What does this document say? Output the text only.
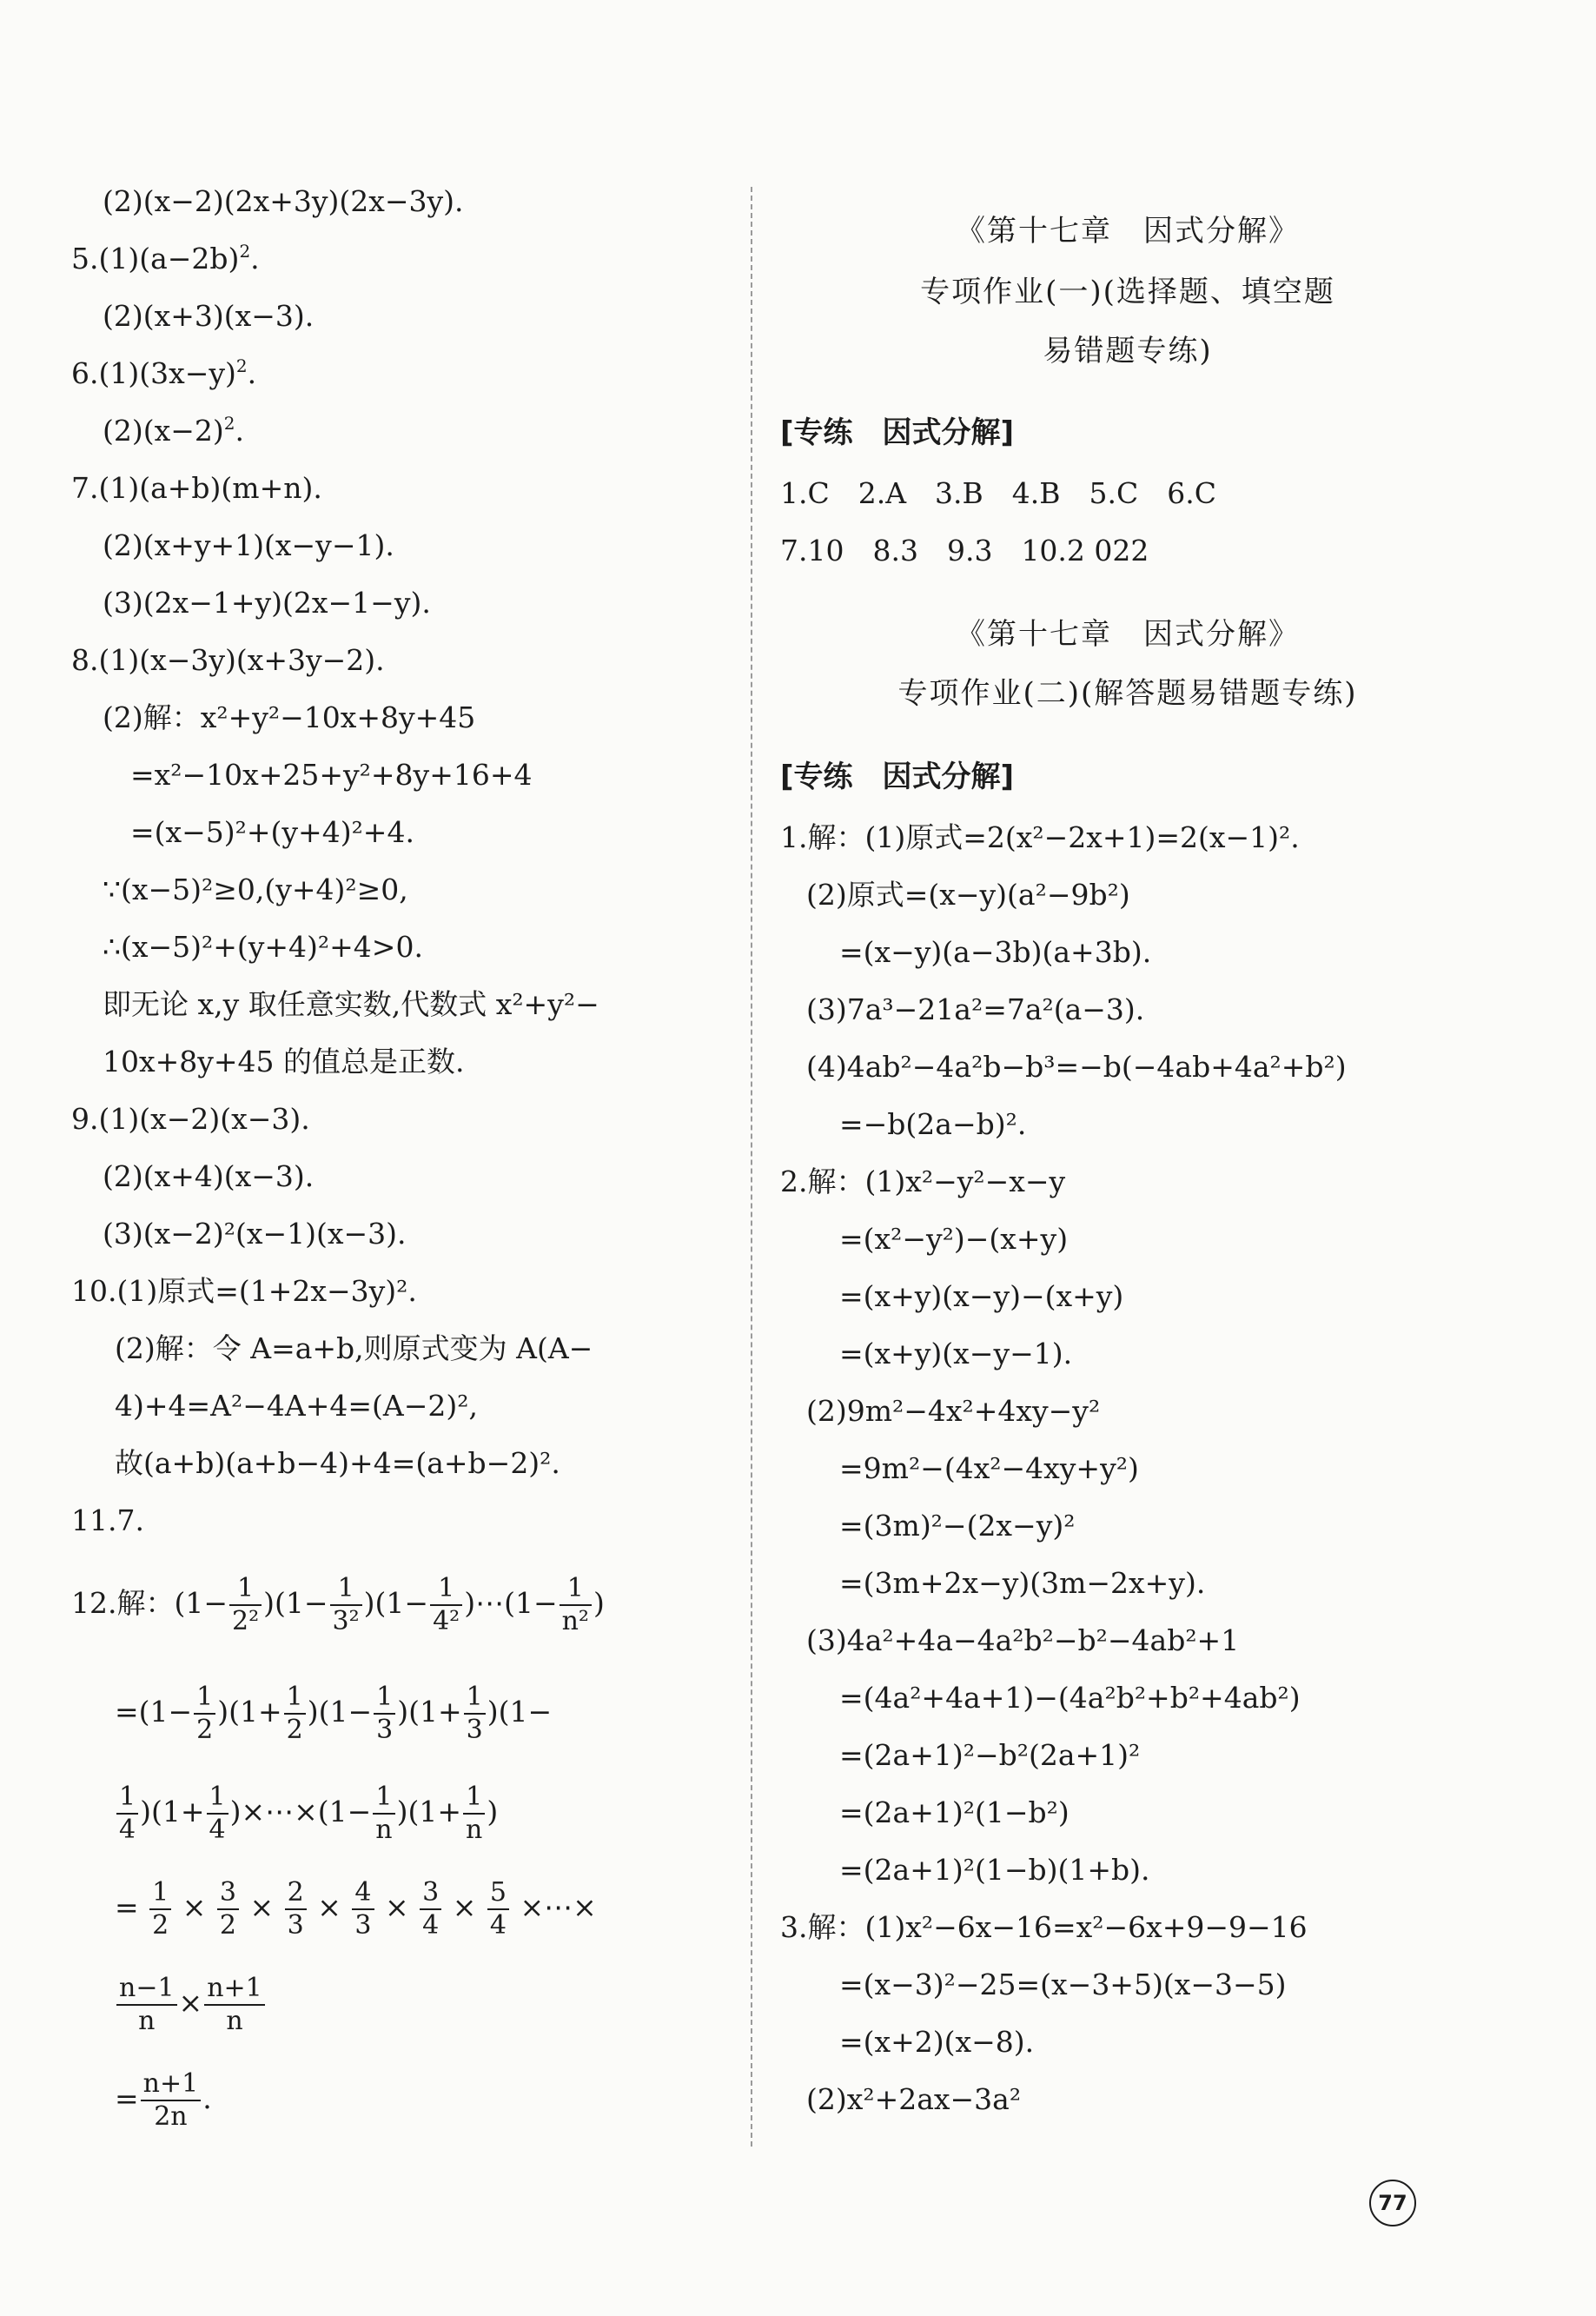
(2)(x−2)(2x+3y)(2x−3y).
$5.(1)(a-2b)^2$.
(2)(x+3)(x−3).
$6.(1)(3x-y)^2$.
$(2)(x-2)^2$.
7.(1)(a+b)(m+n).
(2)(x+y+1)(x−y−1).
(3)(2x−1+y)(2x−1−y).
8.(1)(x−3y)(x+3y−2).
(2)解：x²+y²−10x+8y+45
=x²−10x+25+y²+8y+16+4
=(x−5)²+(y+4)²+4.
∵(x−5)²≥0,(y+4)²≥0,
∴(x−5)²+(y+4)²+4>0.
即无论 x,y 取任意实数,代数式 x²+y²−
10x+8y+45 的值总是正数.
9.(1)(x−2)(x−3).
(2)(x+4)(x−3).
(3)(x−2)²(x−1)(x−3).
10.(1)原式=(1+2x−3y)².
(2)解：令 A=a+b,则原式变为 A(A−
4)+4=A²−4A+4=(A−2)²,
故(a+b)(a+b−4)+4=(a+b−2)².
11.7.
12.解：$(1- \frac{1}{\text{2²}} )(1- \frac{1}{\text{3²}} )(1- \frac{1}{\text{4²}}$ )⋯(1− $\frac{1}{\text{n²}}$ )
$=(1- \frac{1}{2} )(1+ \frac{1}{2} )(1- \frac{1}{3} )(1+ \frac{1}{3} )(1-$
$\frac{1}{4} )(1+ \frac{1}{4}$ )×⋯×(1− $\frac{1}{n} )(1+ \frac{1}{n}$ )
= $\frac{1}{2} \times \frac{3}{2} \times \frac{2}{3} \times \frac{4}{3} \times \frac{3}{4} \times \frac{5}{4}$ ×⋯×
$\frac{n-1}{n} \times \frac{n+1}{n}$
= $\frac{n+1}{2n}$ .
《第十七章　因式分解》
专项作业(一)(选择题、填空题
易错题专练)
[专练　因式分解]
1.C　2.A　3.B　4.B　5.C　6.C
7.10　8.3　9.3　10.2 022
《第十七章　因式分解》
专项作业(二)(解答题易错题专练)
[专练　因式分解]
1.解：(1)原式=2(x²−2x+1)=2(x−1)².
(2)原式=(x−y)(a²−9b²)
=(x−y)(a−3b)(a+3b).
(3)7a³−21a²=7a²(a−3).
(4)4ab²−4a²b−b³=−b(−4ab+4a²+b²)
=−b(2a−b)².
2.解：(1)x²−y²−x−y
=(x²−y²)−(x+y)
=(x+y)(x−y)−(x+y)
=(x+y)(x−y−1).
(2)9m²−4x²+4xy−y²
=9m²−(4x²−4xy+y²)
=(3m)²−(2x−y)²
=(3m+2x−y)(3m−2x+y).
(3)4a²+4a−4a²b²−b²−4ab²+1
=(4a²+4a+1)−(4a²b²+b²+4ab²)
=(2a+1)²−b²(2a+1)²
=(2a+1)²(1−b²)
=(2a+1)²(1−b)(1+b).
3.解：(1)x²−6x−16=x²−6x+9−9−16
=(x−3)²−25=(x−3+5)(x−3−5)
=(x+2)(x−8).
(2)x²+2ax−3a²
77
